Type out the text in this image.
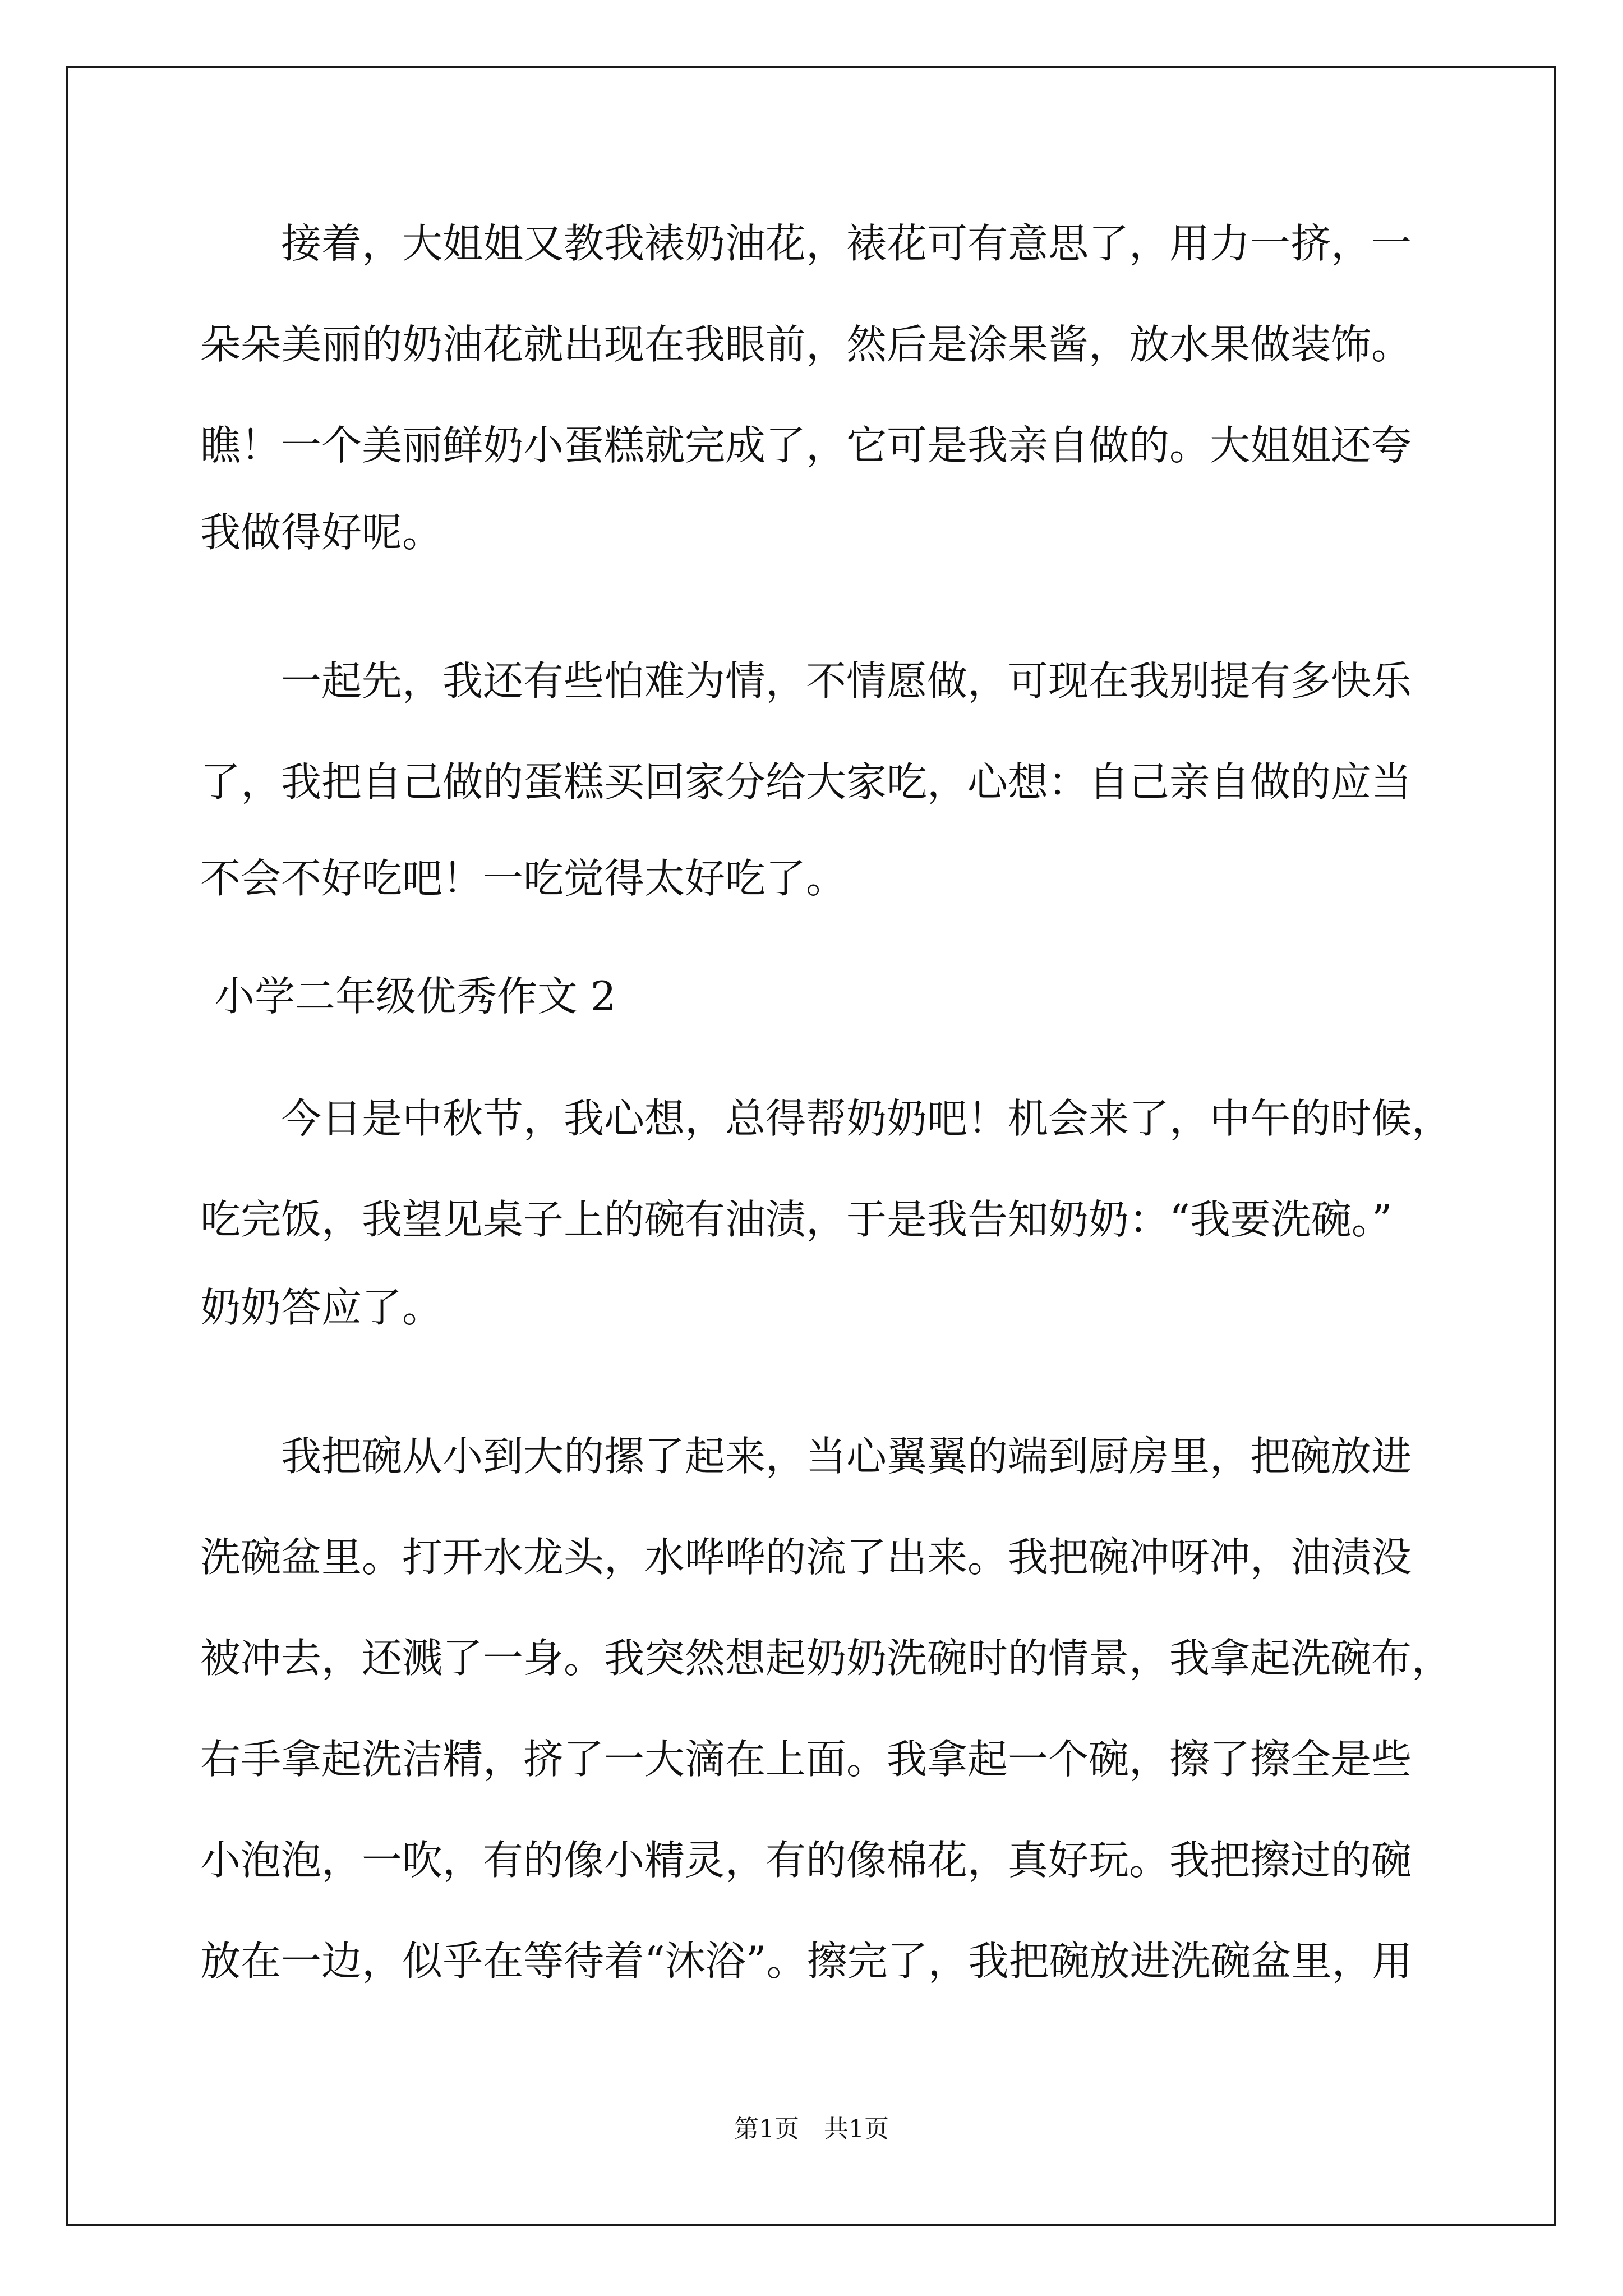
接着，大姐姐又教我裱奶油花，裱花可有意思了，用力一挤，一
朵朵美丽的奶油花就出现在我眼前，然后是涂果酱，放水果做装饰。
瞧！一个美丽鲜奶小蛋糕就完成了，它可是我亲自做的。大姐姐还夸
我做得好呢。
一起先，我还有些怕难为情，不情愿做，可现在我别提有多快乐
了，我把自己做的蛋糕买回家分给大家吃，心想：自己亲自做的应当
不会不好吃吧！一吃觉得太好吃了。
小学二年级优秀作文 2
今日是中秋节，我心想，总得帮奶奶吧！机会来了，中午的时候，
吃完饭，我望见桌子上的碗有油渍，于是我告知奶奶：“我要洗碗。”
奶奶答应了。
我把碗从小到大的摞了起来，当心翼翼的端到厨房里，把碗放进
洗碗盆里。打开水龙头，水哗哗的流了出来。我把碗冲呀冲，油渍没
被冲去，还溅了一身。我突然想起奶奶洗碗时的情景，我拿起洗碗布，
右手拿起洗洁精，挤了一大滴在上面。我拿起一个碗，擦了擦全是些
小泡泡，一吹，有的像小精灵，有的像棉花，真好玩。我把擦过的碗
放在一边，似乎在等待着“沐浴”。擦完了，我把碗放进洗碗盆里，用
第1页　共1页
